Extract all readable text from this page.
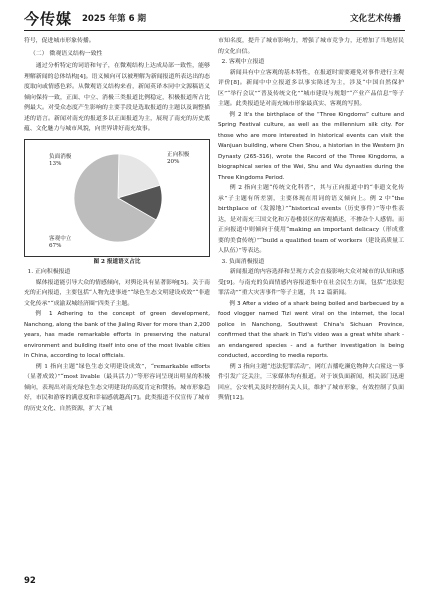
今传媒 2025 年第 6 期	文化艺术传播

符号，促进城市形象传播。

（二） 微观语义结构一致性

通过分析特定的词语和句子，在微观结构上达成局部一致性，能够理解新闻的总体结构[4]。语义倾向可以被理解为新闻报道所表达出的态度取向或情感色彩。从微观语义结构来看，新闻英译本同中文源稿语义倾向保持一致，正面、中立、消极三类报道比例稳定，积极报道所占比例最大。对受众态度产生影响的主要手段是选取报道的主题以及调整描述的语言。新闻对南充的报道多以正面报道为主，展现了南充的历史底蕴、文化魅力与城市风貌，向世界讲好南充故事。

正向积极
20%
负面消极
13%
客观中立
67%

图 2 报道语义占比

1. 正向积极报道

媒体报道能引导大众的情感倾向，对舆论具有显著影响[5]。关于南充的正向报道，主要包括“人物先进事迹”“绿色生态文明建设成效”“非遗文化传承”“成渝双城经济圈”四类子主题。

例 1 Adhering to the concept of green development, Nanchong, along the bank of the Jialing River for more than 2,200 years, has made remarkable efforts in preserving the natural environment and building itself into one of the most livable cities in China, according to local officials.

例 1 指向主题“绿色生态文明建设成效”，“remarkable efforts（显著成效）”“most livable（最具活力）”等形容词呈现出明显的积极倾向，表现出对南充绿色生态文明建设的高度肯定和赞扬。城市形象趋好，市民和游客的满意度和幸福感就越高[7]。此类报道不仅宣传了城市的历史文化、自然资源，扩大了城

市知名度，提升了城市影响力，增强了城市竞争力，还增加了当地居民的文化自信。

2. 客观中立报道

新闻具有中立客观的基本特性，在报道时需要避免对事件进行主观评价[8]。新闻中中立报道多以事实陈述为主，涉及“中国自然保护区”“举行会议”“普及传统文化”“城市建设与规划”“产业产品信息”等子主题。此类报道是对南充城市形象最真实、客观的写照。

例 2 It's the birthplace of the “Three Kingdoms” culture and Spring Festival culture, as well as the millennium silk city. For those who are more interested in historical events can visit the Wanjuan building, where Chen Shou, a historian in the Western Jin Dynasty (265-316), wrote the Record of the Three Kingdoms, a biographical series of the Wei, Shu and Wu dynasties during the Three Kingdoms Period.

例 2 指向主题“传统文化科普”，其与正向报道中的“非遗文化传承”子主题有所差别，主要体现在用词的语义倾向上。例 2 中“the birthplace of（发源地）”“historical events（历史事件）”等中性表达，是对南充三国文化和万卷楼景区的客观描述，不掺杂个人感情。而正向报道中则倾向于使用“making an important delicacy（形成重要的美食传统）”“build a qualified team of workers（建设高质量工人队伍）”等表达。

3. 负面消极报道

新闻报道的内容选择和呈现方式会直接影响大众对城市的认知和感受[9]。与南充的负面情感内容报道集中在社会民生方面，包括“违法犯罪活动”“重大灾害事件”等子主题，共 12 篇新闻。

例 3 After a video of a shark being boiled and barbecued by a food vlogger named Tizi went viral on the internet, the local police in Nanchong, Southwest China's Sichuan Province, confirmed that the shark in Tizi's video was a great white shark - an endangered species - and a further investigation is being conducted, according to media reports.

例 3 指向主题“违法犯罪活动”，网红吉播吃濒危物种大白鲨这一事件引发广泛关注，三家媒体均有报道。对于该负面新闻，相关部门迅速回应，公安机关及时控制有关人员，维护了城市形象，有效控制了负面舆情[12]。

92
